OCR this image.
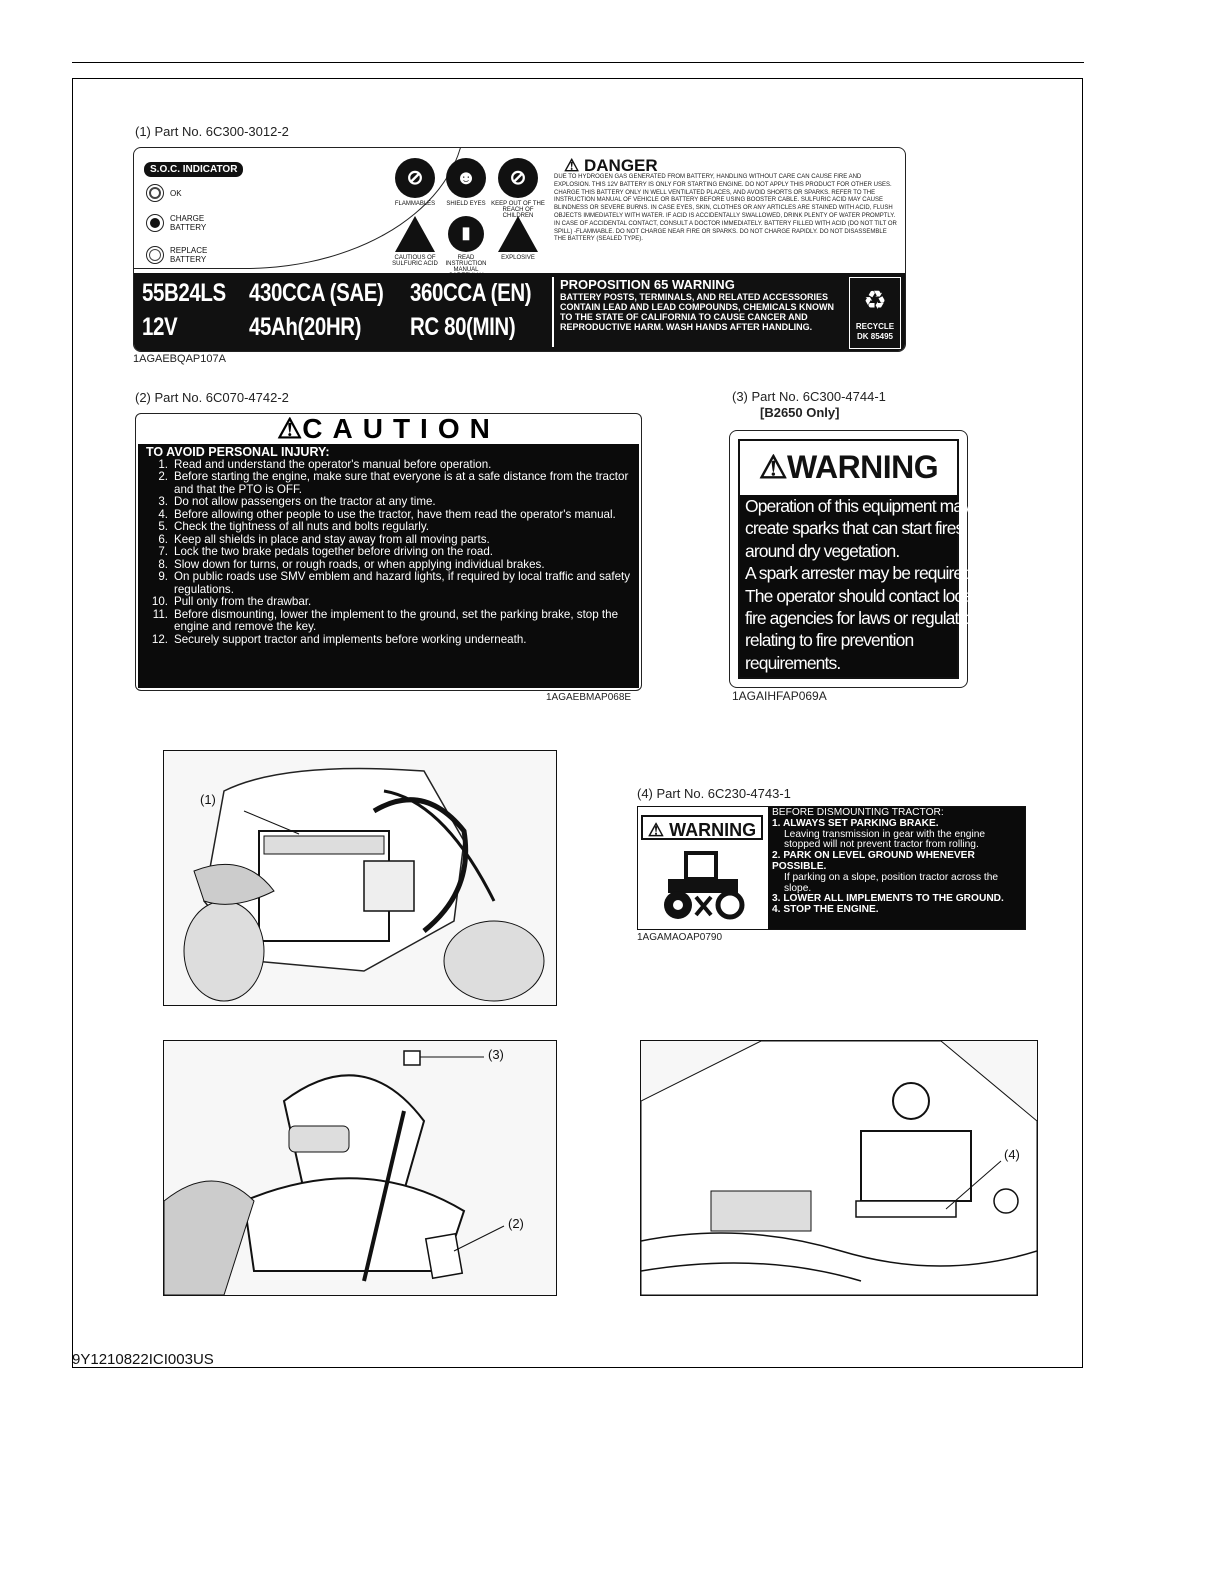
(1) Part No. 6C300-3012-2
S.O.C. INDICATOR
OK
CHARGE BATTERY
REPLACE BATTERY
⊘
FLAMMABLES
☻
SHIELD EYES
⊘
KEEP OUT OF THE REACH OF CHILDREN
CAUTIOUS OF SULFURIC ACID
▮
READ INSTRUCTION MANUAL
EXPLOSIVE
⚠ DANGER
DUE TO HYDROGEN GAS GENERATED FROM BATTERY, HANDLING WITHOUT CARE CAN CAUSE FIRE AND EXPLOSION. THIS 12V BATTERY IS ONLY FOR STARTING ENGINE. DO NOT APPLY THIS PRODUCT FOR OTHER USES. CHARGE THIS BATTERY ONLY IN WELL VENTILATED PLACES, AND AVOID SHORTS OR SPARKS. REFER TO THE INSTRUCTION MANUAL OF VEHICLE OR BATTERY BEFORE USING BOOSTER CABLE. SULFURIC ACID MAY CAUSE BLINDNESS OR SEVERE BURNS. IN CASE EYES, SKIN, CLOTHES OR ANY ARTICLES ARE STAINED WITH ACID, FLUSH OBJECTS IMMEDIATELY WITH WATER. IF ACID IS ACCIDENTALLY SWALLOWED, DRINK PLENTY OF WATER PROMPTLY. IN CASE OF ACCIDENTAL CONTACT, CONSULT A DOCTOR IMMEDIATELY. BATTERY FILLED WITH ACID (DO NOT TILT OR SPILL) -FLAMMABLE. DO NOT CHARGE NEAR FIRE OR SPARKS. DO NOT CHARGE RAPIDLY. DO NOT DISASSEMBLE THE BATTERY (SEALED TYPE).
55B24LS 430CCA (SAE) 360CCA (EN)
12V	45Ah(20HR) RC 80(MIN)
PROPOSITION 65 WARNING
BATTERY POSTS, TERMINALS, AND RELATED ACCESSORIES CONTAIN LEAD AND LEAD COMPOUNDS, CHEMICALS KNOWN TO THE STATE OF CALIFORNIA TO CAUSE CANCER AND REPRODUCTIVE HARM. WASH HANDS AFTER HANDLING.
♻
RECYCLE
DK 85495
1AGAEBQAP107A
(2) Part No. 6C070-4742-2
⚠CAUTION
TO AVOID PERSONAL INJURY:
1. Read and understand the operator's manual before operation.
2. Before starting the engine, make sure that everyone is at a safe distance from the tractor and that the PTO is OFF.
3. Do not allow passengers on the tractor at any time.
4. Before allowing other people to use the tractor, have them read the operator's manual.
5. Check the tightness of all nuts and bolts regularly.
6. Keep all shields in place and stay away from all moving parts.
7. Lock the two brake pedals together before driving on the road.
8. Slow down for turns, or rough roads, or when applying individual brakes.
9. On public roads use SMV emblem and hazard lights, if required by local traffic and safety regulations.
10. Pull only from the drawbar.
11. Before dismounting, lower the implement to the ground, set the parking brake, stop the engine and remove the key.
12. Securely support tractor and implements before working underneath.
1AGAEBMAP068E
(3) Part No. 6C300-4744-1
[B2650 Only]
⚠WARNING
Operation of this equipment may
create sparks that can start fires
around dry vegetation.
A spark arrester may be required.
The operator should contact local
fire agencies for laws or regulations
relating to fire prevention
requirements.
1AGAIHFAP069A
(1)	(4) Part No. 6C230-4743-1
⚠ WARNING
BEFORE DISMOUNTING TRACTOR:
1. ALWAYS SET PARKING BRAKE.
Leaving transmission in gear with the engine stopped will not prevent tractor from rolling.
2. PARK ON LEVEL GROUND WHENEVER POSSIBLE.
If parking on a slope, position tractor across the slope.
3. LOWER ALL IMPLEMENTS TO THE GROUND.
4. STOP THE ENGINE.
1AGAMAOAP0790
(3)
(2)
(4)
9Y1210822ICI003US
